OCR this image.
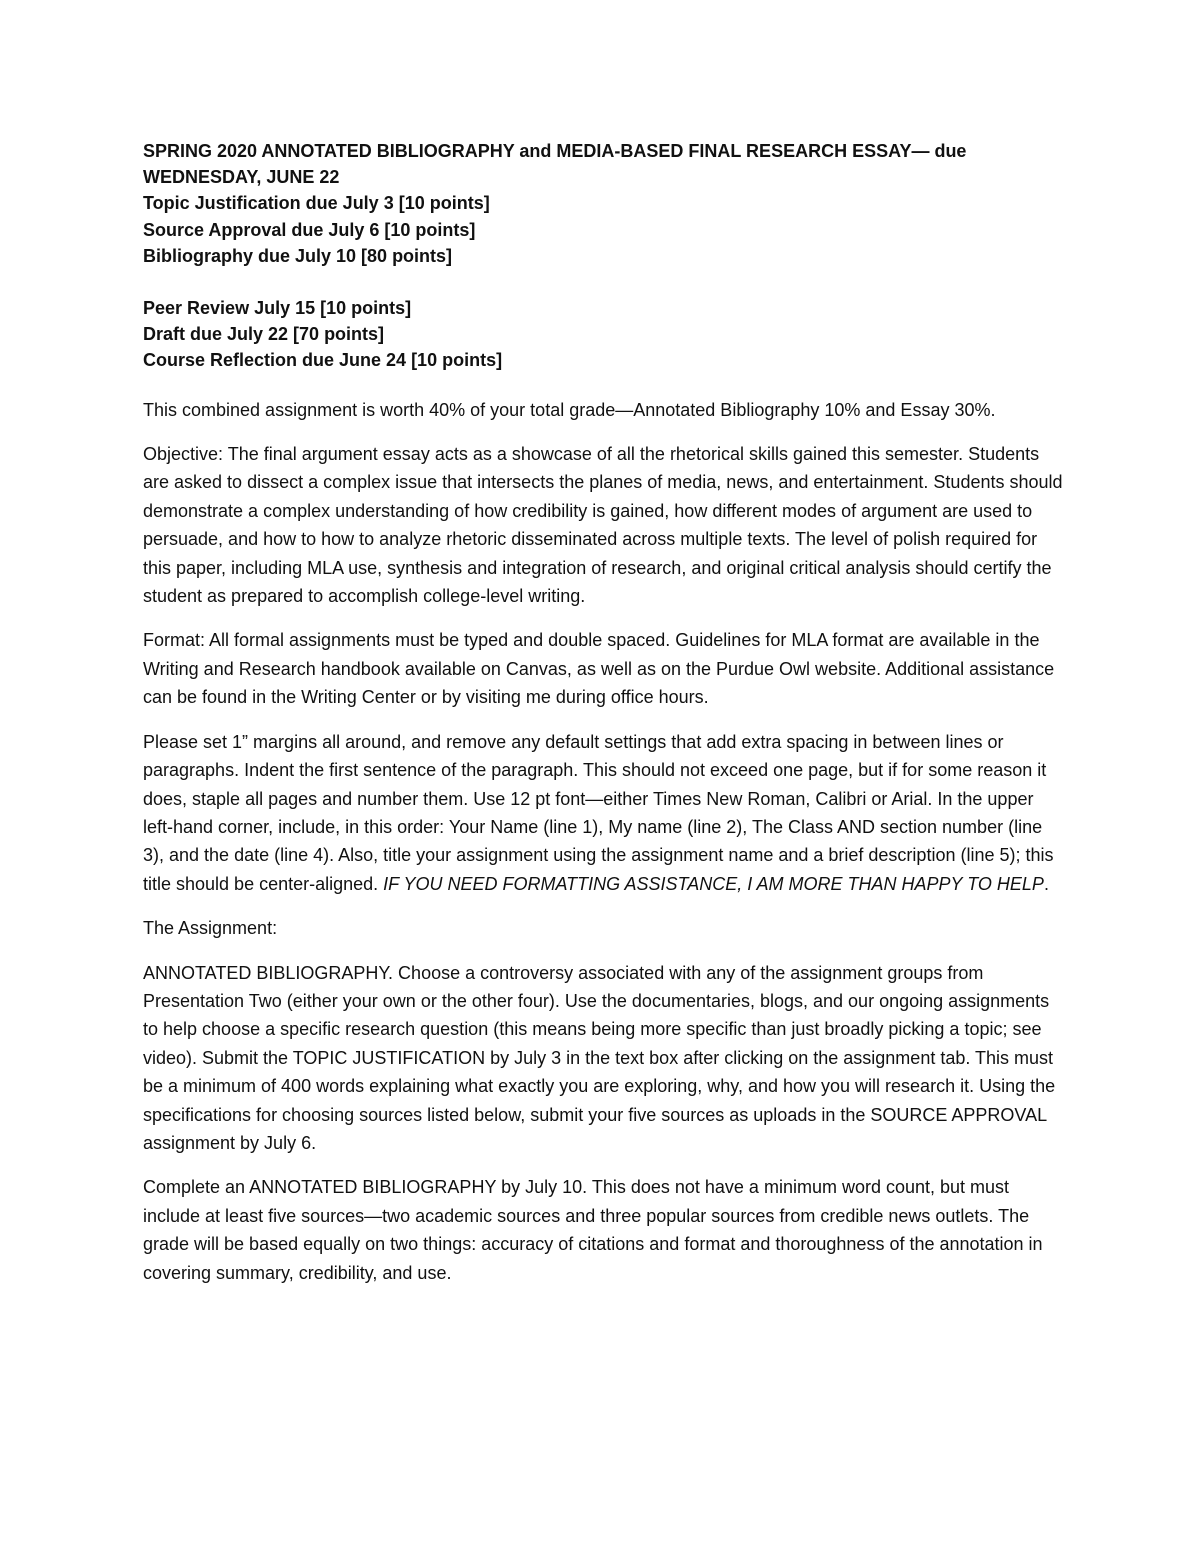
SPRING 2020 ANNOTATED BIBLIOGRAPHY and MEDIA-BASED FINAL RESEARCH ESSAY— due
WEDNESDAY, JUNE 22
Topic Justification due July 3 [10 points]
Source Approval due July 6 [10 points]
Bibliography due July 10 [80 points]
Peer Review July 15 [10 points]
Draft due July 22 [70 points]
Course Reflection due June 24 [10 points]

This combined assignment is worth 40% of your total grade—Annotated Bibliography 10% and Essay 30%.

Objective: The final argument essay acts as a showcase of all the rhetorical skills gained this semester. Students are asked to dissect a complex issue that intersects the planes of media, news, and entertainment. Students should demonstrate a complex understanding of how credibility is gained, how different modes of argument are used to persuade, and how to how to analyze rhetoric disseminated across multiple texts. The level of polish required for this paper, including MLA use, synthesis and integration of research, and original critical analysis should certify the student as prepared to accomplish college-level writing.

Format: All formal assignments must be typed and double spaced. Guidelines for MLA format are available in the Writing and Research handbook available on Canvas, as well as on the Purdue Owl website. Additional assistance can be found in the Writing Center or by visiting me during office hours.

Please set 1” margins all around, and remove any default settings that add extra spacing in between lines or paragraphs. Indent the first sentence of the paragraph. This should not exceed one page, but if for some reason it does, staple all pages and number them. Use 12 pt font—either Times New Roman, Calibri or Arial. In the upper left-hand corner, include, in this order: Your Name (line 1), My name (line 2), The Class AND section number (line 3), and the date (line 4). Also, title your assignment using the assignment name and a brief description (line 5); this title should be center-aligned. IF YOU NEED FORMATTING ASSISTANCE, I AM MORE THAN HAPPY TO HELP.

The Assignment:

ANNOTATED BIBLIOGRAPHY. Choose a controversy associated with any of the assignment groups from Presentation Two (either your own or the other four). Use the documentaries, blogs, and our ongoing assignments to help choose a specific research question (this means being more specific than just broadly picking a topic; see video). Submit the TOPIC JUSTIFICATION by July 3 in the text box after clicking on the assignment tab. This must be a minimum of 400 words explaining what exactly you are exploring, why, and how you will research it. Using the specifications for choosing sources listed below, submit your five sources as uploads in the SOURCE APPROVAL assignment by July 6.

Complete an ANNOTATED BIBLIOGRAPHY by July 10. This does not have a minimum word count, but must include at least five sources—two academic sources and three popular sources from credible news outlets. The grade will be based equally on two things: accuracy of citations and format and thoroughness of the annotation in covering summary, credibility, and use.
